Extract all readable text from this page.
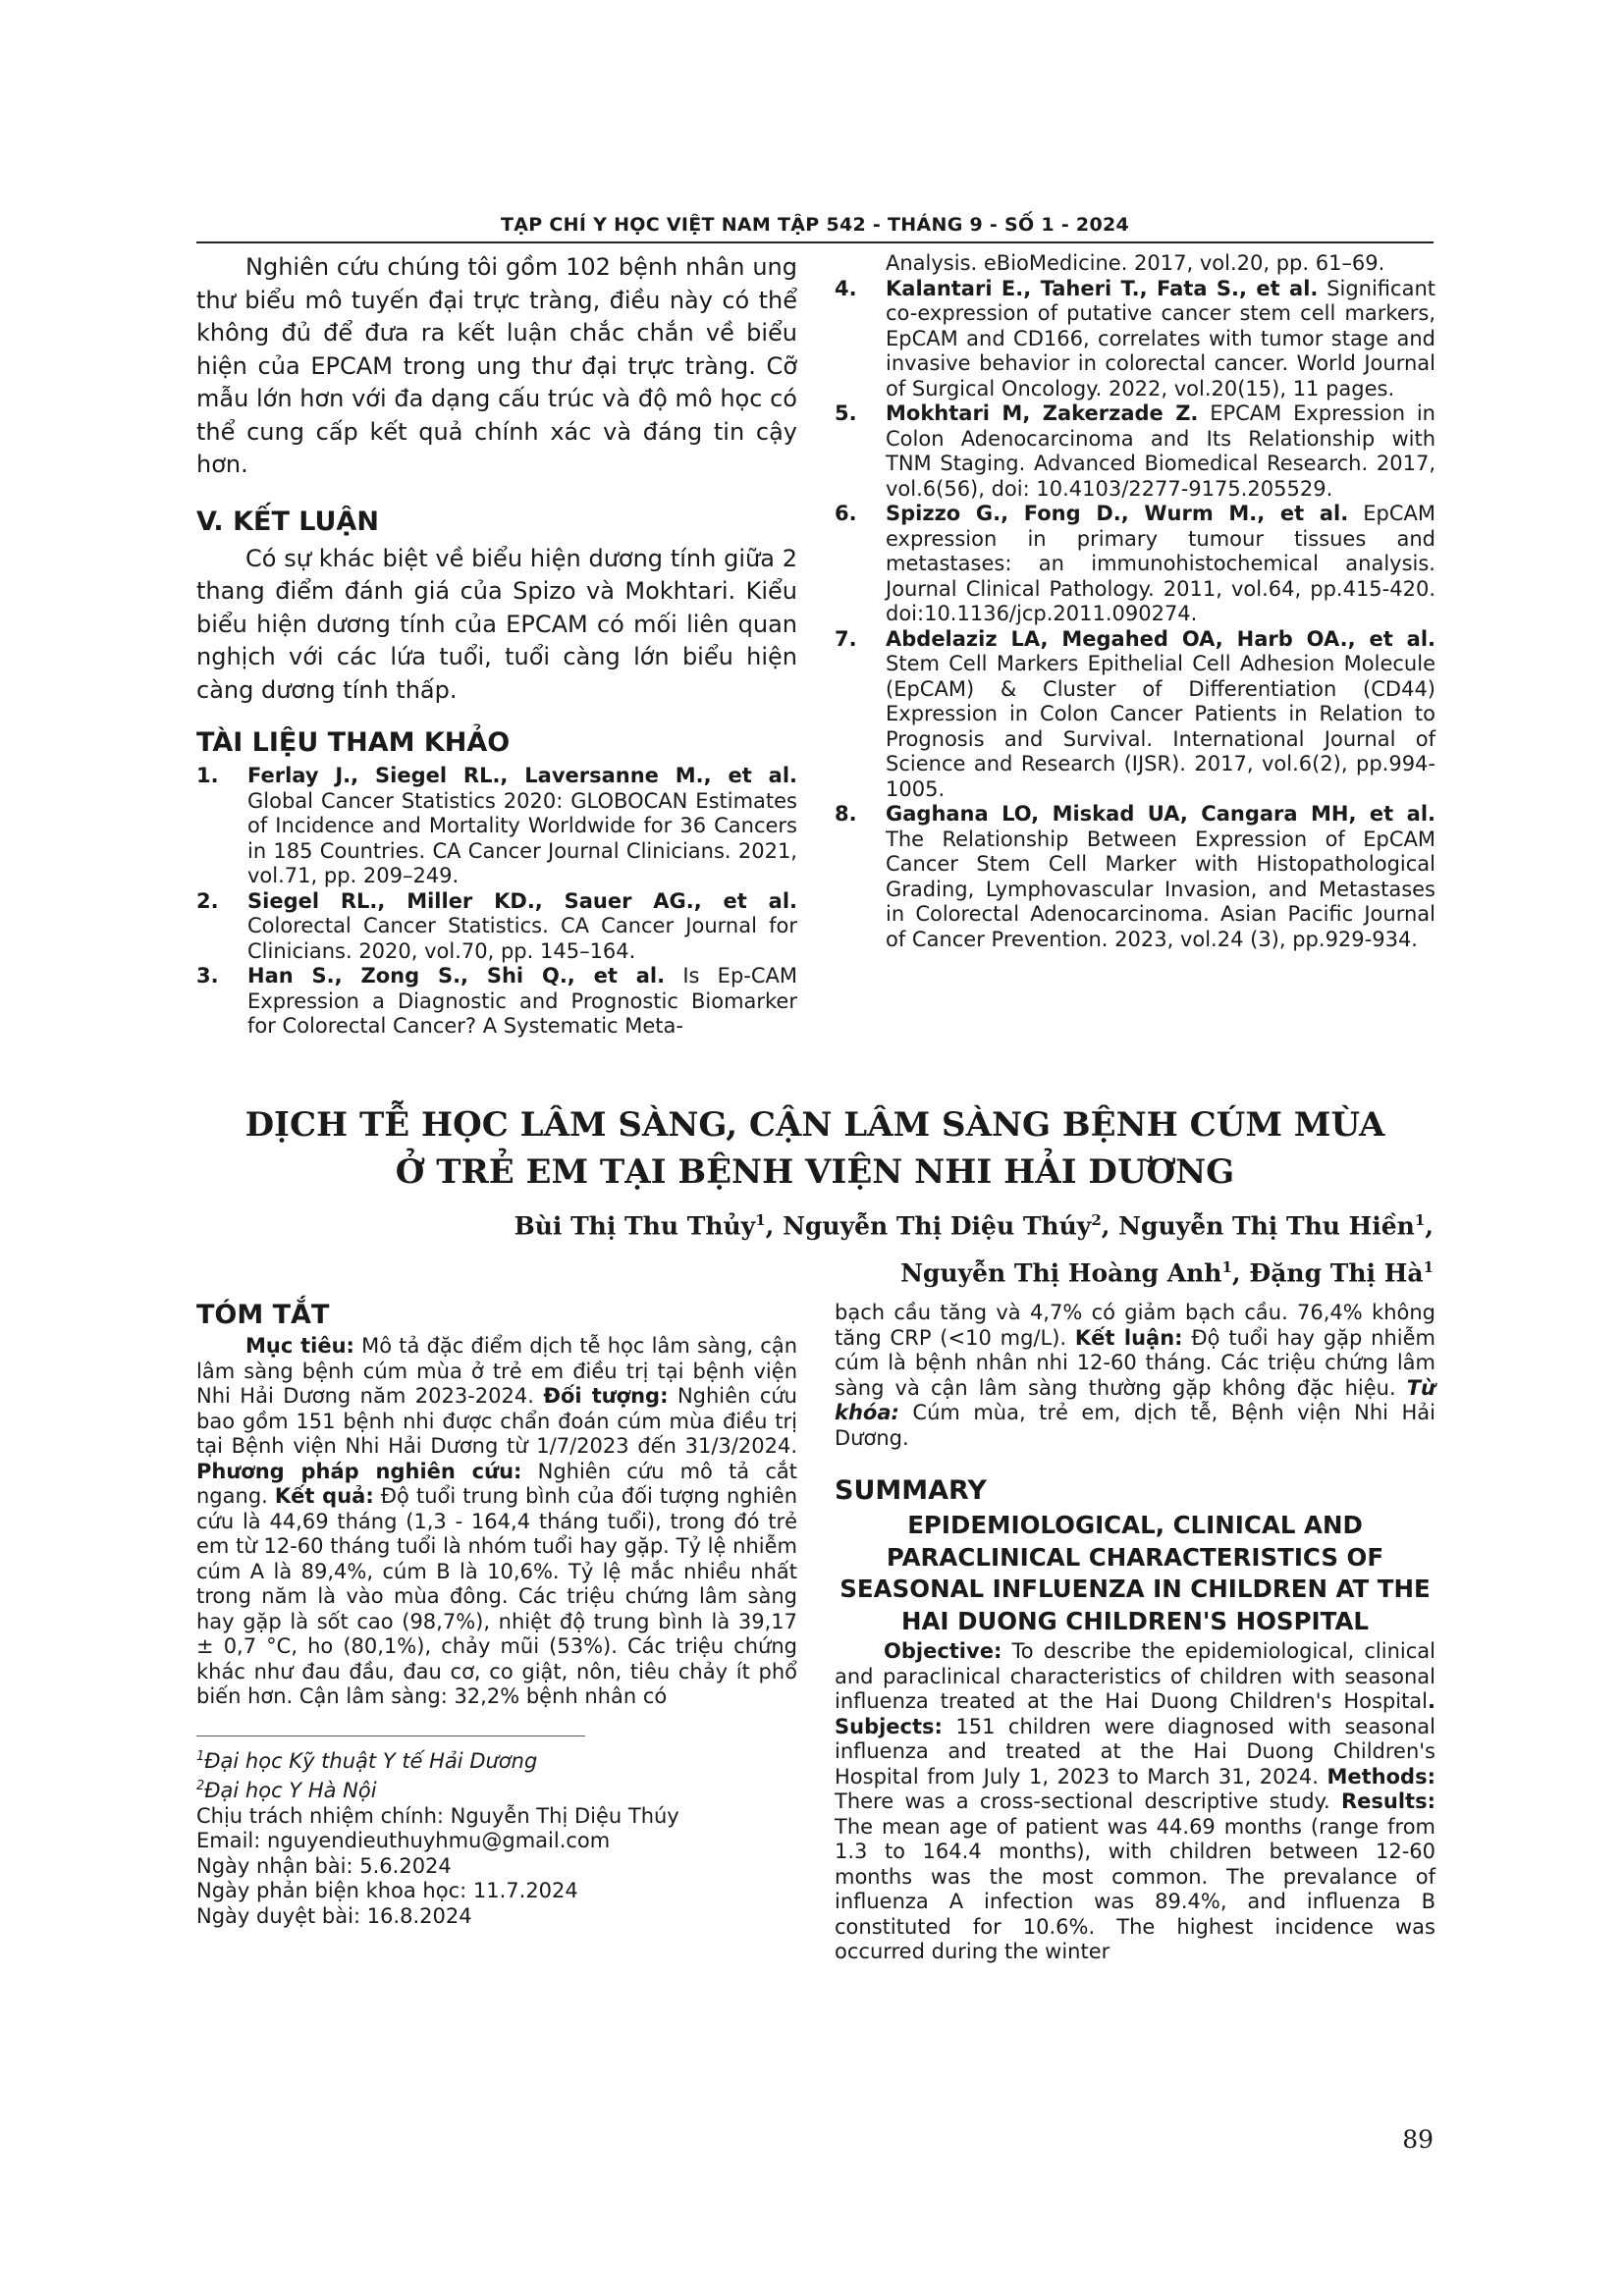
TẠP CHÍ Y HỌC VIỆT NAM TẬP 542 - THÁNG 9 - SỐ 1 - 2024

Nghiên cứu chúng tôi gồm 102 bệnh nhân ung thư biểu mô tuyến đại trực tràng, điều này có thể không đủ để đưa ra kết luận chắc chắn về biểu hiện của EPCAM trong ung thư đại trực tràng. Cỡ mẫu lớn hơn với đa dạng cấu trúc và độ mô học có thể cung cấp kết quả chính xác và đáng tin cậy hơn.

V. KẾT LUẬN

Có sự khác biệt về biểu hiện dương tính giữa 2 thang điểm đánh giá của Spizo và Mokhtari. Kiểu biểu hiện dương tính của EPCAM có mối liên quan nghịch với các lứa tuổi, tuổi càng lớn biểu hiện càng dương tính thấp.

TÀI LIỆU THAM KHẢO
1. Ferlay J., Siegel RL., Laversanne M., et al. Global Cancer Statistics 2020: GLOBOCAN Estimates of Incidence and Mortality Worldwide for 36 Cancers in 185 Countries. CA Cancer Journal Clinicians. 2021, vol.71, pp. 209–249.
2. Siegel RL., Miller KD., Sauer AG., et al. Colorectal Cancer Statistics. CA Cancer Journal for Clinicians. 2020, vol.70, pp. 145–164.
3. Han S., Zong S., Shi Q., et al. Is Ep-CAM Expression a Diagnostic and Prognostic Biomarker for Colorectal Cancer? A Systematic Meta-
Analysis. eBioMedicine. 2017, vol.20, pp. 61–69.
4. Kalantari E., Taheri T., Fata S., et al. Significant co-expression of putative cancer stem cell markers, EpCAM and CD166, correlates with tumor stage and invasive behavior in colorectal cancer. World Journal of Surgical Oncology. 2022, vol.20(15), 11 pages.
5. Mokhtari M, Zakerzade Z. EPCAM Expression in Colon Adenocarcinoma and Its Relationship with TNM Staging. Advanced Biomedical Research. 2017, vol.6(56), doi: 10.4103/2277-9175.205529.
6. Spizzo G., Fong D., Wurm M., et al. EpCAM expression in primary tumour tissues and metastases: an immunohistochemical analysis. Journal Clinical Pathology. 2011, vol.64, pp.415-420. doi:10.1136/jcp.2011.090274.
7. Abdelaziz LA, Megahed OA, Harb OA., et al. Stem Cell Markers Epithelial Cell Adhesion Molecule (EpCAM) & Cluster of Differentiation (CD44) Expression in Colon Cancer Patients in Relation to Prognosis and Survival. International Journal of Science and Research (IJSR). 2017, vol.6(2), pp.994-1005.
8. Gaghana LO, Miskad UA, Cangara MH, et al. The Relationship Between Expression of EpCAM Cancer Stem Cell Marker with Histopathological Grading, Lymphovascular Invasion, and Metastases in Colorectal Adenocarcinoma. Asian Pacific Journal of Cancer Prevention. 2023, vol.24 (3), pp.929-934.
DỊCH TỄ HỌC LÂM SÀNG, CẬN LÂM SÀNG BỆNH CÚM MÙA
Ở TRẺ EM TẠI BỆNH VIỆN NHI HẢI DƯƠNG
Bùi Thị Thu Thủy$^1$, Nguyễn Thị Diệu Thúy$^2$, Nguyễn Thị Thu Hiền$^1$,
Nguyễn Thị Hoàng Anh$^1$, Đặng Thị $Hà^1$
TÓM TẮT

Mục tiêu: Mô tả đặc điểm dịch tễ học lâm sàng, cận lâm sàng bệnh cúm mùa ở trẻ em điều trị tại bệnh viện Nhi Hải Dương năm 2023-2024. Đối tượng: Nghiên cứu bao gồm 151 bệnh nhi được chẩn đoán cúm mùa điều trị tại Bệnh viện Nhi Hải Dương từ 1/7/2023 đến 31/3/2024. Phương pháp nghiên cứu: Nghiên cứu mô tả cắt ngang. Kết quả: Độ tuổi trung bình của đối tượng nghiên cứu là 44,69 tháng (1,3 - 164,4 tháng tuổi), trong đó trẻ em từ 12-60 tháng tuổi là nhóm tuổi hay gặp. Tỷ lệ nhiễm cúm A là 89,4%, cúm B là 10,6%. Tỷ lệ mắc nhiều nhất trong năm là vào mùa đông. Các triệu chứng lâm sàng hay gặp là sốt cao (98,7%), nhiệt độ trung bình là 39,17 ± 0,7 °C, ho (80,1%), chảy mũi (53%). Các triệu chứng khác như đau đầu, đau cơ, co giật, nôn, tiêu chảy ít phổ biến hơn. Cận lâm sàng: 32,2% bệnh nhân có

$^1$Đại học Kỹ thuật Y tế Hải Dương

$^2$Đại học Y Hà Nội

Chịu trách nhiệm chính: Nguyễn Thị Diệu Thúy

Email: nguyendieuthuyhmu@gmail.com

Ngày nhận bài: 5.6.2024

Ngày phản biện khoa học: 11.7.2024

Ngày duyệt bài: 16.8.2024

bạch cầu tăng và 4,7% có giảm bạch cầu. 76,4% không tăng CRP (<10 mg/L). Kết luận: Độ tuổi hay gặp nhiễm cúm là bệnh nhân nhi 12-60 tháng. Các triệu chứng lâm sàng và cận lâm sàng thường gặp không đặc hiệu. Từ khóa: Cúm mùa, trẻ em, dịch tễ, Bệnh viện Nhi Hải Dương.

SUMMARY
EPIDEMIOLOGICAL, CLINICAL AND PARACLINICAL CHARACTERISTICS OF SEASONAL INFLUENZA IN CHILDREN AT THE HAI DUONG CHILDREN'S HOSPITAL

Objective: To describe the epidemiological, clinical and paraclinical characteristics of children with seasonal influenza treated at the Hai Duong Children's Hospital. Subjects: 151 children were diagnosed with seasonal influenza and treated at the Hai Duong Children's Hospital from July 1, 2023 to March 31, 2024. Methods: There was a cross-sectional descriptive study. Results: The mean age of patient was 44.69 months (range from 1.3 to 164.4 months), with children between 12-60 months was the most common. The prevalance of influenza A infection was 89.4%, and influenza B constituted for 10.6%. The highest incidence was occurred during the winter

89
